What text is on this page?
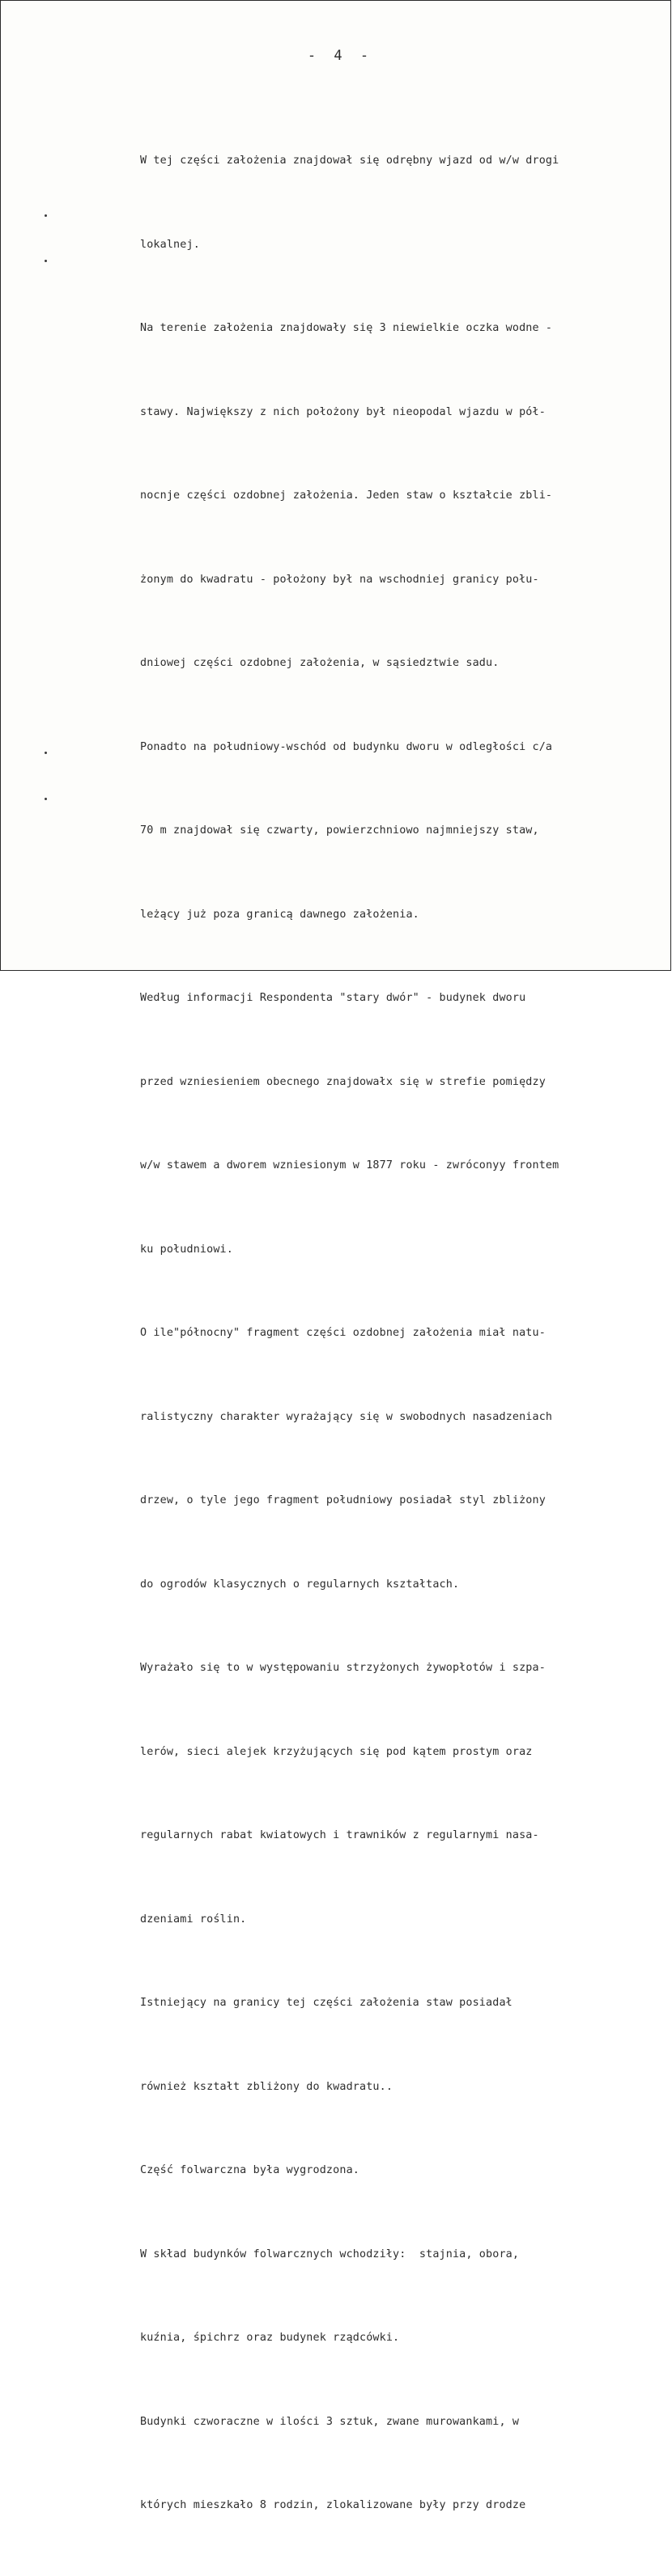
- 4 -

W tej części założenia znajdował się odrębny wjazd od w/w drogi

lokalnej.

Na terenie założenia znajdowały się 3 niewielkie oczka wodne -

stawy. Największy z nich położony był nieopodal wjazdu w pół-

nocnje części ozdobnej założenia. Jeden staw o kształcie zbli-

żonym do kwadratu - położony był na wschodniej granicy połu-

dniowej części ozdobnej założenia, w sąsiedztwie sadu.

Ponadto na południowy-wschód od budynku dworu w odległości c/a

70 m znajdował się czwarty, powierzchniowo najmniejszy staw,

leżący już poza granicą dawnego założenia.

Według informacji Respondenta "stary dwór" - budynek dworu

przed wzniesieniem obecnego znajdowałx się w strefie pomiędzy

w/w stawem a dworem wzniesionym w 1877 roku - zwróconyy frontem

ku południowi.

O ile"północny" fragment części ozdobnej założenia miał natu-

ralistyczny charakter wyrażający się w swobodnych nasadzeniach

drzew, o tyle jego fragment południowy posiadał styl zbliżony

do ogrodów klasycznych o regularnych kształtach.

Wyrażało się to w występowaniu strzyżonych żywopłotów i szpa-

lerów, sieci alejek krzyżujących się pod kątem prostym oraz

regularnych rabat kwiatowych i trawników z regularnymi nasa-

dzeniami roślin.

Istniejący na granicy tej części założenia staw posiadał

również kształt zbliżony do kwadratu..

Część folwarczna była wygrodzona.

W skład budynków folwarcznych wchodziły:  stajnia, obora,

kuźnia, śpichrz oraz budynek rządcówki.

Budynki czworaczne w ilości 3 sztuk, zwane murowankami, w

których mieszkało 8 rodzin, zlokalizowane były przy drodze
